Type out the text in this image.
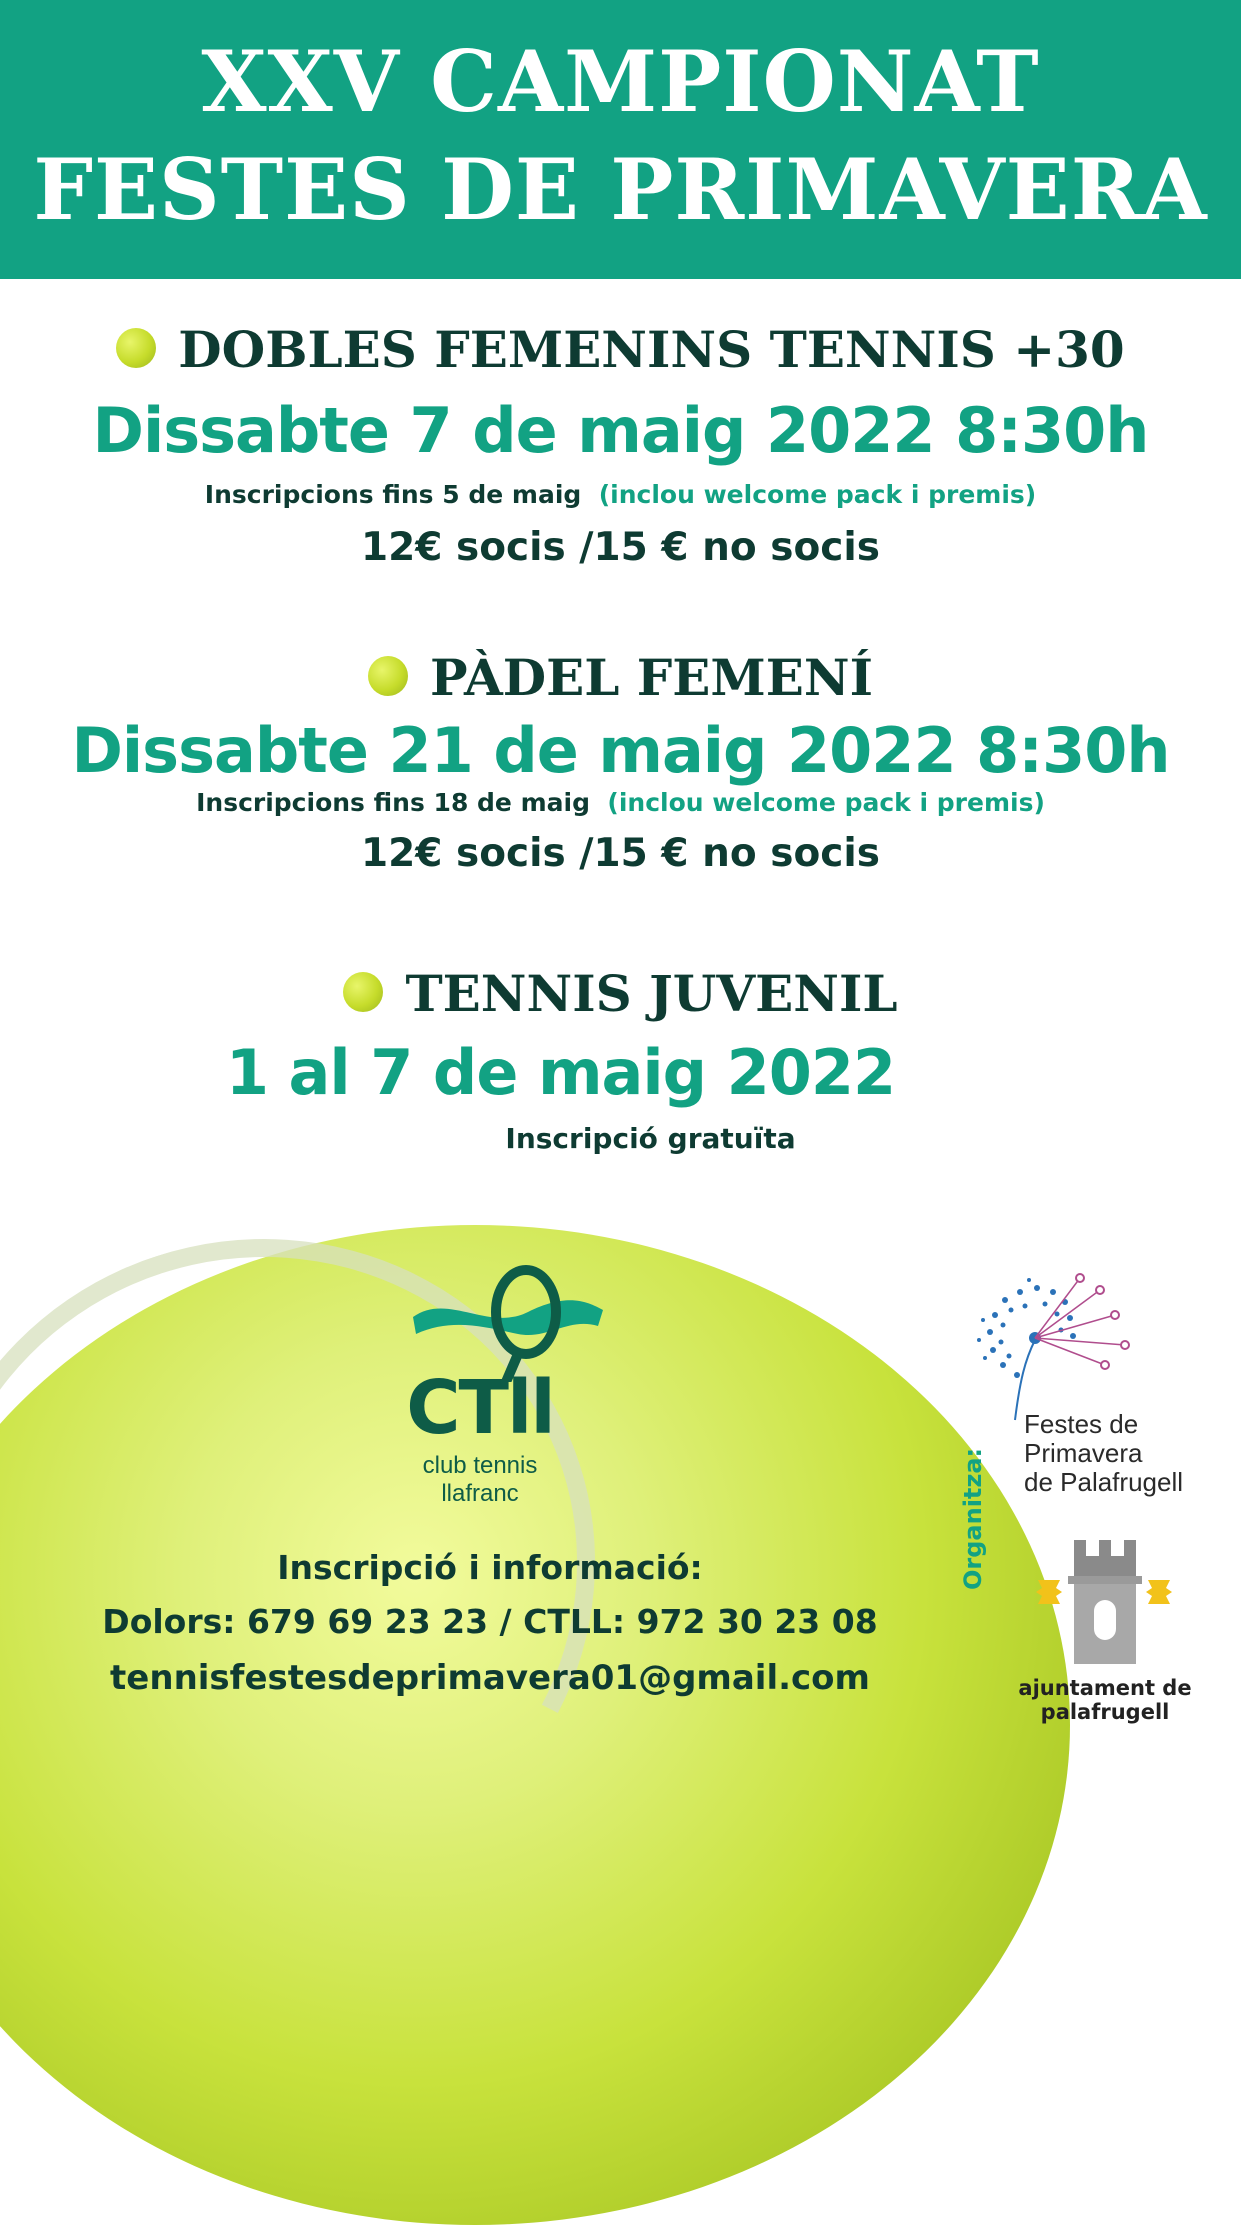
XXV CAMPIONAT
FESTES DE PRIMAVERA
DOBLES FEMENINS TENNIS +30
Dissabte 7 de maig 2022 8:30h
Inscripcions fins 5 de maig (inclou welcome pack i premis)
12€ socis /15 € no socis
PÀDEL FEMENÍ
Dissabte 21 de maig 2022 8:30h
Inscripcions fins 18 de maig (inclou welcome pack i premis)
12€ socis /15 € no socis
TENNIS JUVENIL
1 al 7 de maig 2022
Inscripció gratuïta
CTll
club tennis
llafranc
Inscripció i informació:
Dolors: 679 69 23 23 / CTLL: 972 30 23 08
tennisfestesdeprimavera01@gmail.com
Festes de
Primavera
de Palafrugell
Organitza:
ajuntament de
palafrugell
